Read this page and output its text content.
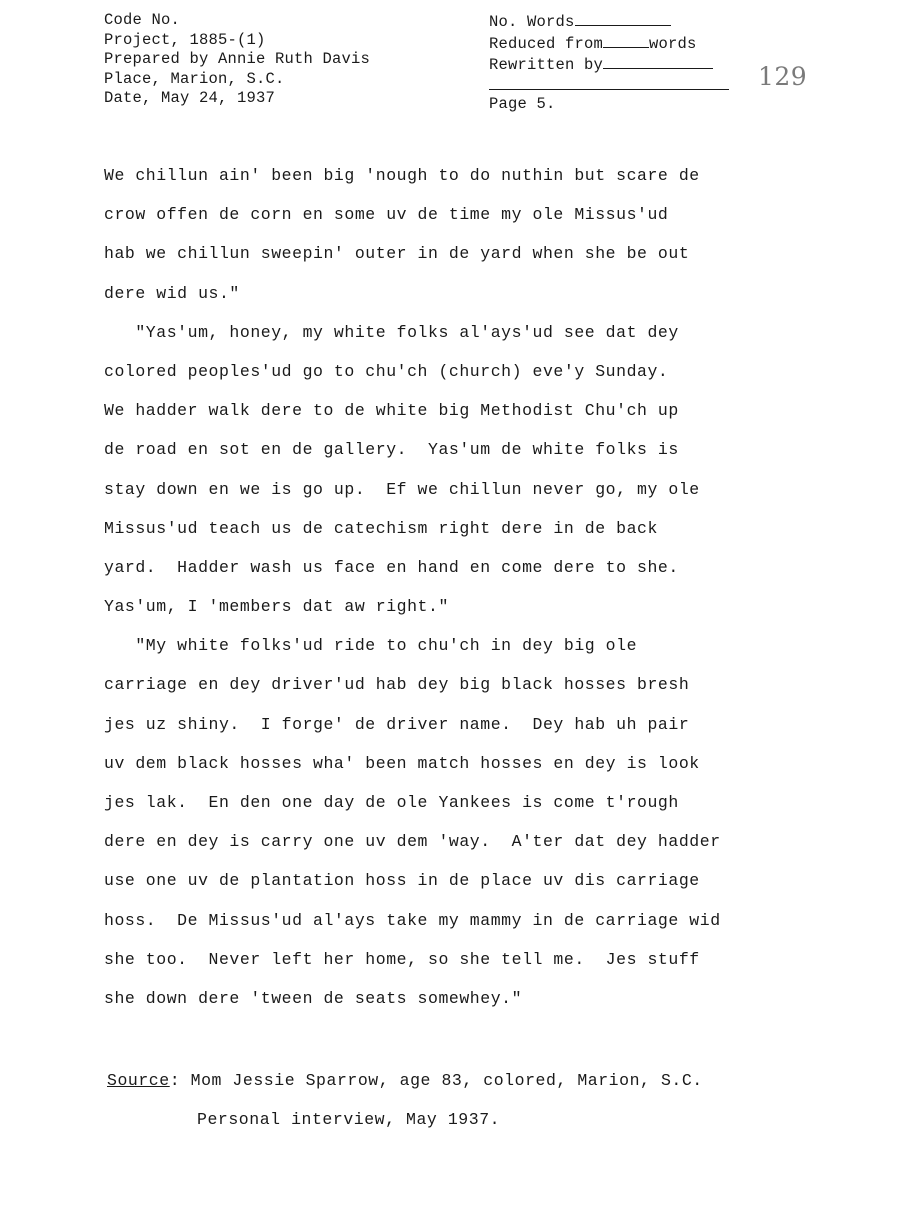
Code No.
Project, 1885-(1)
Prepared by Annie Ruth Davis
Place, Marion, S.C.
Date, May 24, 1937
No. Words
Reduced from	words
Rewritten by

Page 5.
129
We chillun ain' been big 'nough to do nuthin but scare de
crow offen de corn en some uv de time my ole Missus'ud
hab we chillun sweepin' outer in de yard when she be out
dere wid us."
"Yas'um, honey, my white folks al'ays'ud see dat dey
colored peoples'ud go to chu'ch (church) eve'y Sunday.
We hadder walk dere to de white big Methodist Chu'ch up
de road en sot en de gallery.  Yas'um de white folks is
stay down en we is go up.  Ef we chillun never go, my ole
Missus'ud teach us de catechism right dere in de back
yard.  Hadder wash us face en hand en come dere to she.
Yas'um, I 'members dat aw right."
"My white folks'ud ride to chu'ch in dey big ole
carriage en dey driver'ud hab dey big black hosses bresh
jes uz shiny.  I forge' de driver name.  Dey hab uh pair
uv dem black hosses wha' been match hosses en dey is look
jes lak.  En den one day de ole Yankees is come t'rough
dere en dey is carry one uv dem 'way.  A'ter dat dey hadder
use one uv de plantation hoss in de place uv dis carriage
hoss.  De Missus'ud al'ays take my mammy in de carriage wid
she too.  Never left her home, so she tell me.  Jes stuff
she down dere 'tween de seats somewhey."
Source: Mom Jessie Sparrow, age 83, colored, Marion, S.C.
Personal interview, May 1937.
